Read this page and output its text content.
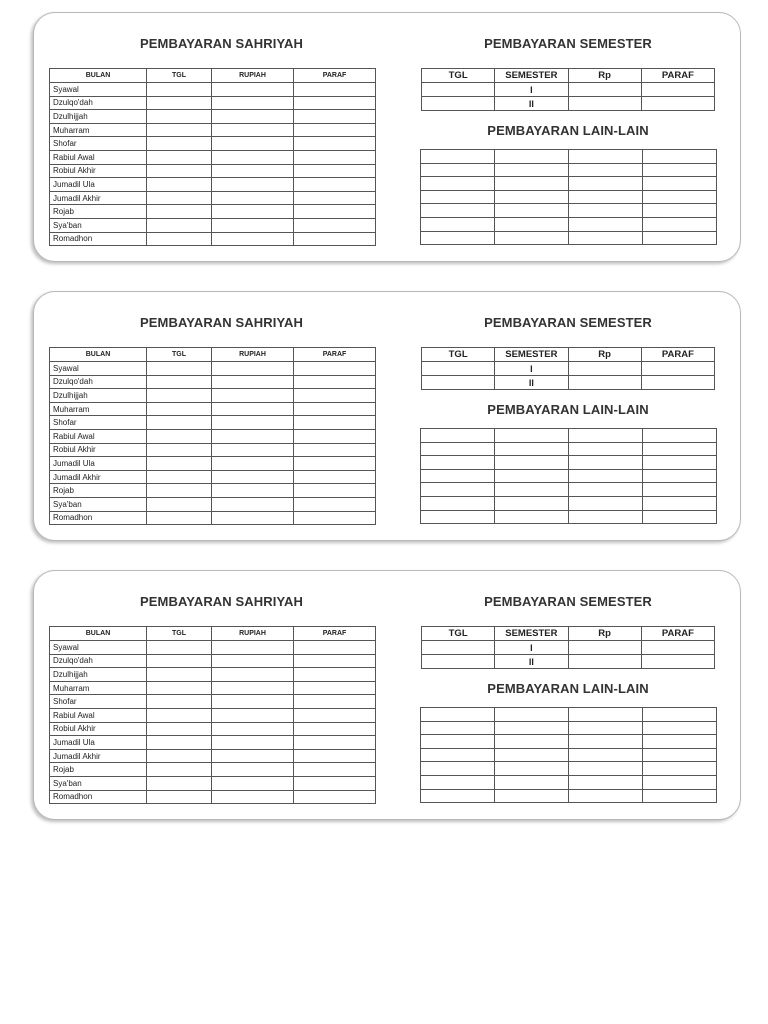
PEMBAYARAN SAHRIYAH	PEMBAYARAN SEMESTER
PEMBAYARAN LAIN-LAIN
BULAN	TGL	RUPIAH	PARAF
Syawal			
Dzulqo'dah			
Dzulhijjah			
Muharram			
Shofar			
Rabiul Awal			
Robiul Akhir			
Jumadil Ula			
Jumadil Akhir			
Rojab			
Sya'ban			
Romadhon			
TGL	SEMESTER	Rp	PARAF
	I		
	II		

PEMBAYARAN SAHRIYAH	PEMBAYARAN SEMESTER
PEMBAYARAN LAIN-LAIN
BULAN	TGL	RUPIAH	PARAF
Syawal			
Dzulqo'dah			
Dzulhijjah			
Muharram			
Shofar			
Rabiul Awal			
Robiul Akhir			
Jumadil Ula			
Jumadil Akhir			
Rojab			
Sya'ban			
Romadhon			
TGL	SEMESTER	Rp	PARAF
	I		
	II		

PEMBAYARAN SAHRIYAH	PEMBAYARAN SEMESTER
PEMBAYARAN LAIN-LAIN
BULAN	TGL	RUPIAH	PARAF
Syawal			
Dzulqo'dah			
Dzulhijjah			
Muharram			
Shofar			
Rabiul Awal			
Robiul Akhir			
Jumadil Ula			
Jumadil Akhir			
Rojab			
Sya'ban			
Romadhon			
TGL	SEMESTER	Rp	PARAF
	I		
	II		
